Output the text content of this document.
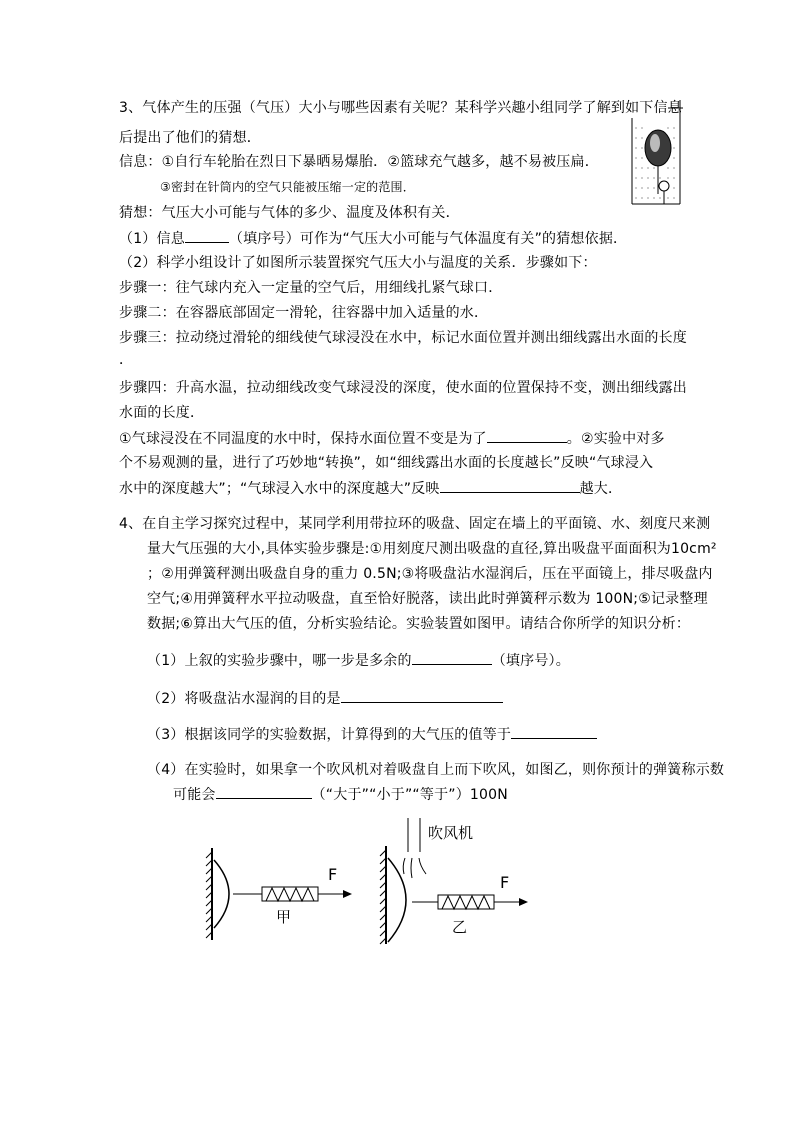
3、气体产生的压强（气压）大小与哪些因素有关呢？某科学兴趣小组同学了解到如下信息
后提出了他们的猜想．
信息：①自行车轮胎在烈日下暴晒易爆胎．②篮球充气越多，越不易被压扁．
③密封在针筒内的空气只能被压缩一定的范围．
猜想：气压大小可能与气体的多少、温度及体积有关．
（1）信息	（填序号）可作为“气压大小可能与气体温度有关”的猜想依据．
（2）科学小组设计了如图所示装置探究气压大小与温度的关系．步骤如下：
步骤一：往气球内充入一定量的空气后，用细线扎紧气球口．
步骤二：在容器底部固定一滑轮，往容器中加入适量的水．
步骤三：拉动绕过滑轮的细线使气球浸没在水中，标记水面位置并测出细线露出水面的长度
．
步骤四：升高水温，拉动细线改变气球浸没的深度，使水面的位置保持不变，测出细线露出
水面的长度．
①气球浸没在不同温度的水中时，保持水面位置不变是为了	。②实验中对多
个不易观测的量，进行了巧妙地“转换”，如“细线露出水面的长度越长”反映“气球浸入
水中的深度越大”；“气球浸入水中的深度越大”反映	越大．
4、在自主学习探究过程中，某同学利用带拉环的吸盘、固定在墙上的平面镜、水、刻度尺来测
量大气压强的大小,具体实验步骤是:①用刻度尺测出吸盘的直径,算出吸盘平面面积为10cm²
；②用弹簧秤测出吸盘自身的重力 0.5N;③将吸盘沾水湿润后，压在平面镜上，排尽吸盘内
空气;④用弹簧秤水平拉动吸盘，直至恰好脱落，读出此时弹簧秤示数为 100N;⑤记录整理
数据;⑥算出大气压的值，分析实验结论。实验装置如图甲。请结合你所学的知识分析：
（1）上叙的实验步骤中，哪一步是多余的	（填序号）。
（2）将吸盘沾水湿润的目的是
（3）根据该同学的实验数据，计算得到的大气压的值等于
（4）在实验时，如果拿一个吹风机对着吸盘自上而下吹风，如图乙，则你预计的弹簧称示数
可能会	（“大于”“小于”“等于”）100N
F
甲
吹风机
F
乙
